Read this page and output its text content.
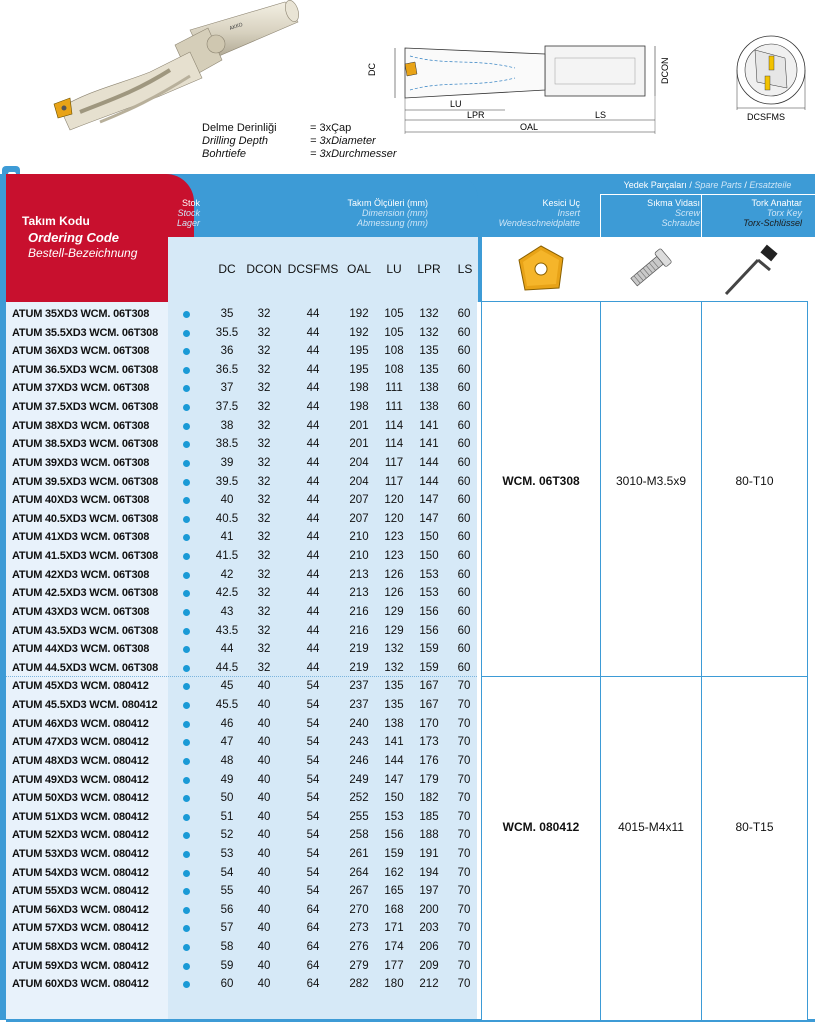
AKKO
DC	DCON
LU
LPR	LS
OAL
DCSFMS
Delme Derinliği	= 3xÇap
Drilling Depth	= 3xDiameter
Bohrtiefe	= 3xDurchmesser
Takım Kodu
Ordering Code
Bestell-Bezeichnung
Stok
Stock
Lager
Takım Ölçüleri (mm)
Dimension (mm)
Abmessung (mm)
DC DCON DCSFMS OAL	LU	LPR	LS
Kesici Uç
Insert
Wendeschneidplatte
Yedek Parçaları / Spare Parts / Ersatzteile
Sıkma Vidası
Screw
Schraube
Tork Anahtar
Torx Key
Torx-Schlüssel
ATUM 35XD3 WCM. 06T308	35	32	44	192	105	132	60
ATUM 35.5XD3 WCM. 06T308	35.5	32	44	192	105	132	60
ATUM 36XD3 WCM. 06T308	36	32	44	195	108	135	60
ATUM 36.5XD3 WCM. 06T308	36.5	32	44	195	108	135	60
ATUM 37XD3 WCM. 06T308	37	32	44	198	111	138	60
ATUM 37.5XD3 WCM. 06T308	37.5	32	44	198	111	138	60
ATUM 38XD3 WCM. 06T308	38	32	44	201	114	141	60
ATUM 38.5XD3 WCM. 06T308	38.5	32	44	201	114	141	60
ATUM 39XD3 WCM. 06T308	39	32	44	204	117	144	60
ATUM 39.5XD3 WCM. 06T308	39.5	32	44	204	117	144	60
ATUM 40XD3 WCM. 06T308	40	32	44	207	120	147	60
ATUM 40.5XD3 WCM. 06T308	40.5	32	44	207	120	147	60
ATUM 41XD3 WCM. 06T308	41	32	44	210	123	150	60
ATUM 41.5XD3 WCM. 06T308	41.5	32	44	210	123	150	60
ATUM 42XD3 WCM. 06T308	42	32	44	213	126	153	60
ATUM 42.5XD3 WCM. 06T308	42.5	32	44	213	126	153	60
ATUM 43XD3 WCM. 06T308	43	32	44	216	129	156	60
ATUM 43.5XD3 WCM. 06T308	43.5	32	44	216	129	156	60
ATUM 44XD3 WCM. 06T308	44	32	44	219	132	159	60
ATUM 44.5XD3 WCM. 06T308	44.5	32	44	219	132	159	60
ATUM 45XD3 WCM. 080412	45	40	54	237	135	167	70
ATUM 45.5XD3 WCM. 080412	45.5	40	54	237	135	167	70
ATUM 46XD3 WCM. 080412	46	40	54	240	138	170	70
ATUM 47XD3 WCM. 080412	47	40	54	243	141	173	70
ATUM 48XD3 WCM. 080412	48	40	54	246	144	176	70
ATUM 49XD3 WCM. 080412	49	40	54	249	147	179	70
ATUM 50XD3 WCM. 080412	50	40	54	252	150	182	70
ATUM 51XD3 WCM. 080412	51	40	54	255	153	185	70
ATUM 52XD3 WCM. 080412	52	40	54	258	156	188	70
ATUM 53XD3 WCM. 080412	53	40	54	261	159	191	70
ATUM 54XD3 WCM. 080412	54	40	54	264	162	194	70
ATUM 55XD3 WCM. 080412	55	40	54	267	165	197	70
ATUM 56XD3 WCM. 080412	56	40	64	270	168	200	70
ATUM 57XD3 WCM. 080412	57	40	64	273	171	203	70
ATUM 58XD3 WCM. 080412	58	40	64	276	174	206	70
ATUM 59XD3 WCM. 080412	59	40	64	279	177	209	70
ATUM 60XD3 WCM. 080412	60	40	64	282	180	212	70
WCM. 06T308	3010-M3.5x9	80-T10
WCM. 080412	4015-M4x11	80-T15
